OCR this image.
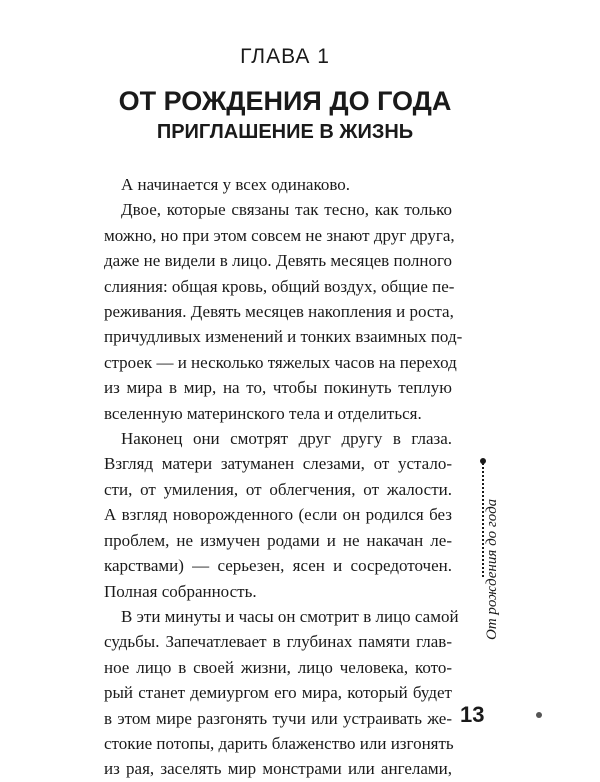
ГЛАВА 1
ОТ РОЖДЕНИЯ ДО ГОДА
ПРИГЛАШЕНИЕ В ЖИЗНЬ
А начинается у всех одинаково.
Двое, которые связаны так тесно, как только
можно, но при этом совсем не знают друг друга,
даже не видели в лицо. Девять месяцев полного
слияния: общая кровь, общий воздух, общие пе-
реживания. Девять месяцев накопления и роста,
причудливых изменений и тонких взаимных под-
строек — и несколько тяжелых часов на переход
из мира в мир, на то, чтобы покинуть теплую
вселенную материнского тела и отделиться.
Наконец они смотрят друг другу в глаза.
Взгляд матери затуманен слезами, от устало-
сти, от умиления, от облегчения, от жалости.
А взгляд новорожденного (если он родился без
проблем, не измучен родами и не накачан ле-
карствами) — серьезен, ясен и сосредоточен.
Полная собранность.
В эти минуты и часы он смотрит в лицо самой
судьбы. Запечатлевает в глубинах памяти глав-
ное лицо в своей жизни, лицо человека, кото-
рый станет демиургом его мира, который будет
в этом мире разгонять тучи или устраивать же-
стокие потопы, дарить блаженство или изгонять
из рая, заселять мир монстрами или ангелами,
От рождения до года
13
